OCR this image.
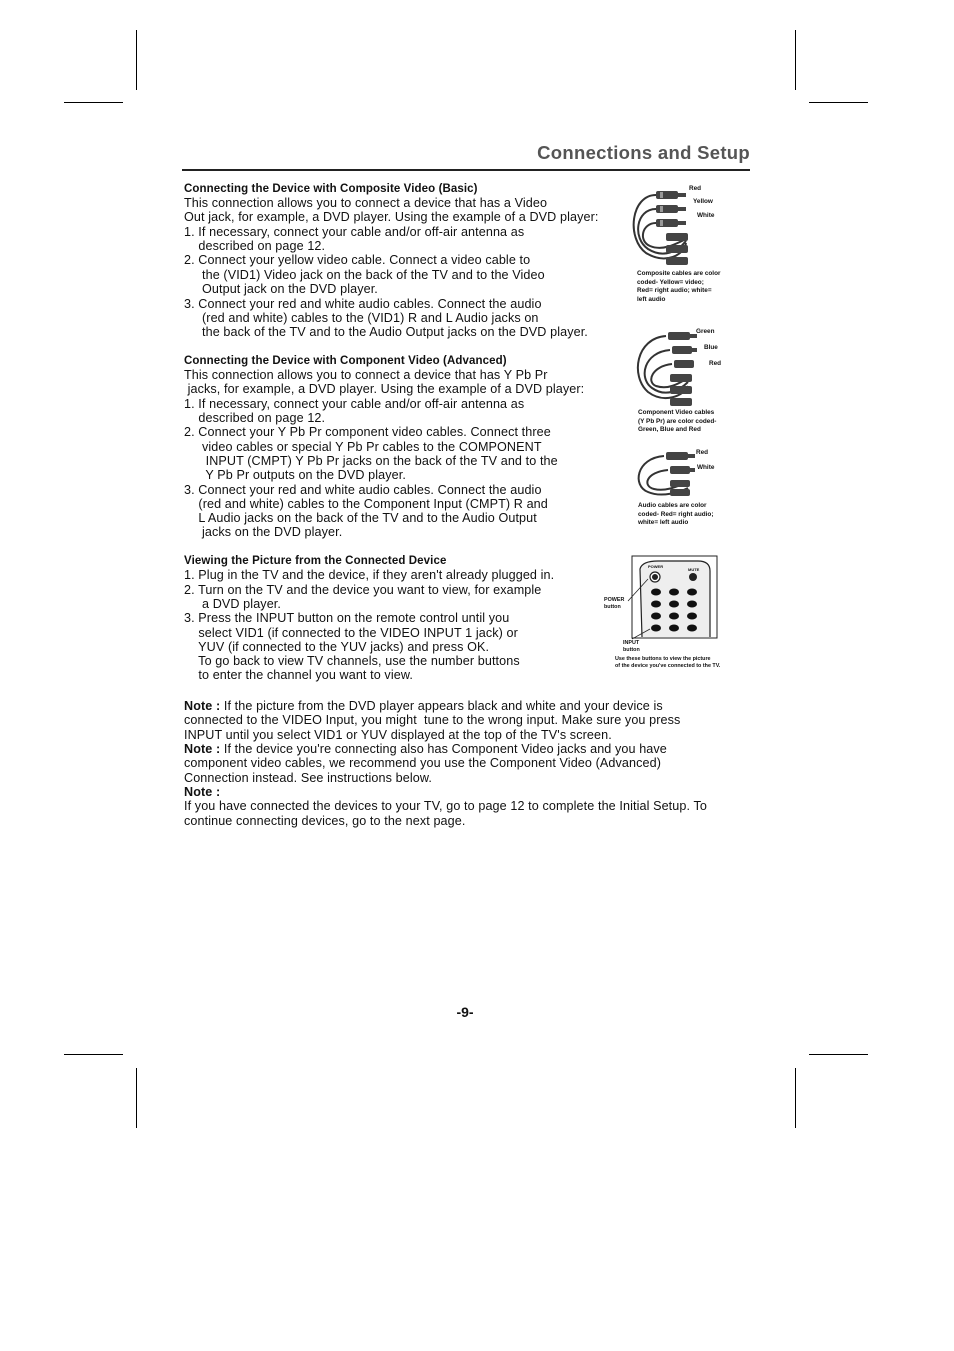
Connections and Setup
Connecting the Device with Composite Video (Basic)
This connection allows you to connect a device that has a Video
Out jack, for example, a DVD player. Using the example of a DVD player:
1. If necessary, connect your cable and/or off-air antenna as
described on page 12.
2. Connect your yellow video cable. Connect a video cable to
the (VID1) Video jack on the back of the TV and to the Video
Output jack on the DVD player.
3. Connect your red and white audio cables. Connect the audio
(red and white) cables to the (VID1) R and L Audio jacks on
the back of the TV and to the Audio Output jacks on the DVD player.
Connecting the Device with Component Video (Advanced)
This connection allows you to connect a device that has Y Pb Pr
jacks, for example, a DVD player. Using the example of a DVD player:
1. If necessary, connect your cable and/or off-air antenna as
described on page 12.
2. Connect your Y Pb Pr component video cables. Connect three
video cables or special Y Pb Pr cables to the COMPONENT
INPUT (CMPT) Y Pb Pr jacks on the back of the TV and to the
Y Pb Pr outputs on the DVD player.
3. Connect your red and white audio cables. Connect the audio
(red and white) cables to the Component Input (CMPT) R and
L Audio jacks on the back of the TV and to the Audio Output
jacks on the DVD player.
Viewing the Picture from the Connected Device
1. Plug in the TV and the device, if they aren't already plugged in.
2. Turn on the TV and the device you want to view, for example
a DVD player.
3. Press the INPUT button on the remote control until you
select VID1 (if connected to the VIDEO INPUT 1 jack) or
YUV (if connected to the YUV jacks) and press OK.
To go back to view TV channels, use the number buttons
to enter the channel you want to view.
Note : If the picture from the DVD player appears black and white and your device is
connected to the VIDEO Input, you might  tune to the wrong input. Make sure you press
INPUT until you select VID1 or YUV displayed at the top of the TV's screen.
Note : If the device you're connecting also has Component Video jacks and you have
component video cables, we recommend you use the Component Video (Advanced)
Connection instead. See instructions below.
Note :
If you have connected the devices to your TV, go to page 12 to complete the Initial Setup. To
continue connecting devices, go to the next page.
Red
Yellow
White
Composite cables are color
coded- Yellow= video;
Red= right audio; white=
left audio
Green
Blue
Red
Component Video cables
(Y Pb Pr) are color coded-
Green, Blue and Red
Red
White
Audio cables are color
coded- Red= right audio;
white= left audio
POWER
MUTE
POWER
button
INPUT
button
Use these buttons to view the picture
of the device you've connected to the TV.
-9-
